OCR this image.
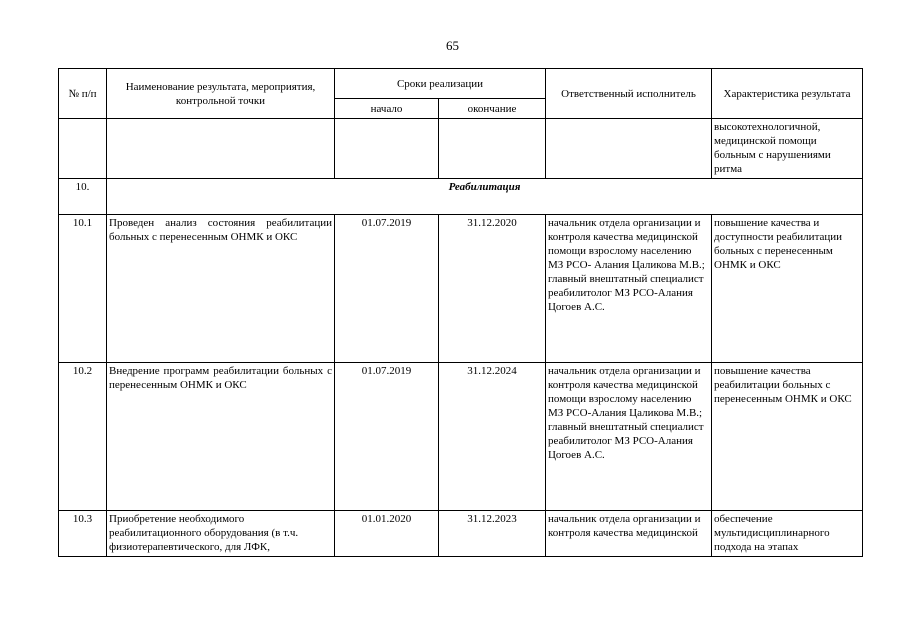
65
№ п/п	Наименование результата, мероприятия, контрольной точки	Сроки реализации		Ответственный исполнитель	Характеристика результата
		начало	окончание		
					высокотехнологичной, медицинской помощи больным с нарушениями ритма
10.	Реабилитация				
10.1	Проведен анализ состояния реабилитации больных с перенесенным ОНМК и ОКС	01.07.2019	31.12.2020	начальник отдела организации и контроля качества медицинской помощи взрослому населению МЗ РСО- Алания Цаликова М.В.; главный внештатный специалист реабилитолог МЗ РСО-Алания Цогоев А.С.	повышение качества и доступности реабилитации больных с перенесенным ОНМК и ОКС
10.2	Внедрение программ реабилитации больных с перенесенным ОНМК и ОКС	01.07.2019	31.12.2024	начальник отдела организации и контроля качества медицинской помощи взрослому населению МЗ РСО-Алания Цаликова М.В.; главный внештатный специалист реабилитолог МЗ РСО-Алания Цогоев А.С.	повышение качества реабилитации больных с перенесенным ОНМК и ОКС
10.3	Приобретение необходимого реабилитационного оборудования (в т.ч. физиотерапевтического, для ЛФК,	01.01.2020	31.12.2023	начальник отдела организации и контроля качества медицинской	обеспечение мультидисциплинарного подхода на этапах
